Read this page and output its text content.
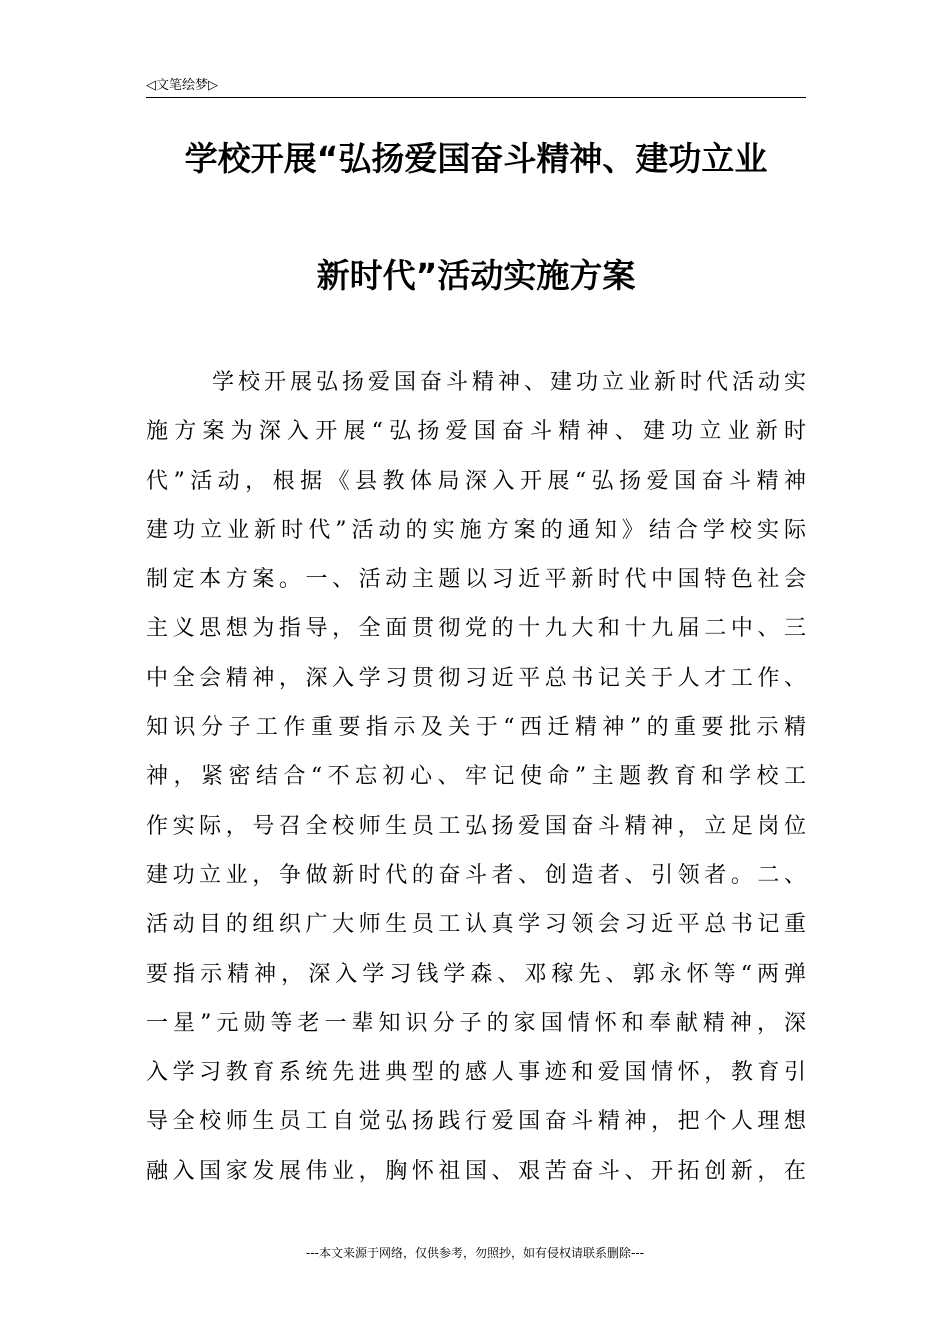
◁文笔绘梦▷
学校开展“弘扬爱国奋斗精神、建功立业
新时代”活动实施方案
学校开展弘扬爱国奋斗精神、建功立业新时代活动实
施方案为深入开展“弘扬爱国奋斗精神、建功立业新时
代”活动，根据《县教体局深入开展“弘扬爱国奋斗精神
建功立业新时代”活动的实施方案的通知》结合学校实际
制定本方案。一、活动主题以习近平新时代中国特色社会
主义思想为指导，全面贯彻党的十九大和十九届二中、三
中全会精神，深入学习贯彻习近平总书记关于人才工作、
知识分子工作重要指示及关于“西迁精神”的重要批示精
神，紧密结合“不忘初心、牢记使命”主题教育和学校工
作实际，号召全校师生员工弘扬爱国奋斗精神，立足岗位
建功立业，争做新时代的奋斗者、创造者、引领者。二、
活动目的组织广大师生员工认真学习领会习近平总书记重
要指示精神，深入学习钱学森、邓稼先、郭永怀等“两弹
一星”元勋等老一辈知识分子的家国情怀和奉献精神，深
入学习教育系统先进典型的感人事迹和爱国情怀，教育引
导全校师生员工自觉弘扬践行爱国奋斗精神，把个人理想
融入国家发展伟业，胸怀祖国、艰苦奋斗、开拓创新，在
---本文来源于网络，仅供参考，勿照抄，如有侵权请联系删除---
